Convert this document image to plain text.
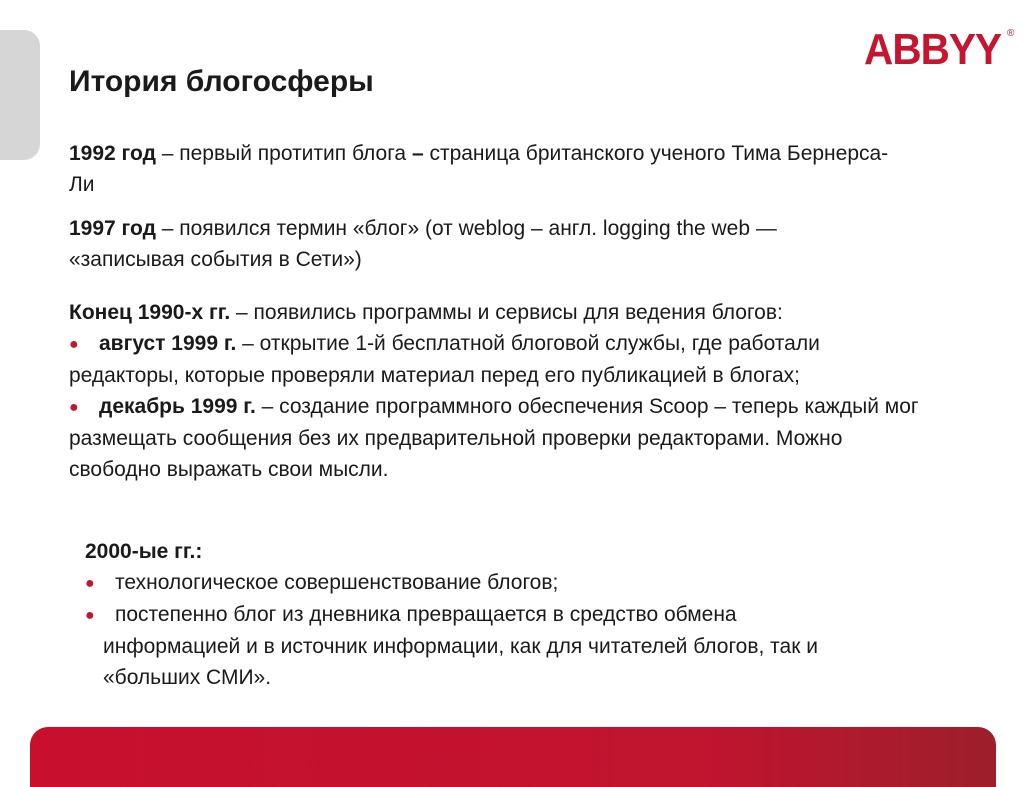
ABBYY ®
Итория блогосферы

1992 год – первый протитип блога – страница британского ученого Тима Бернерса-Ли

1997 год – появился термин «блог» (от weblog – англ. logging the web — «записывая события в Сети»)

Конец 1990-х гг. – появились программы и сервисы для ведения блогов:

● август 1999 г. – открытие 1-й бесплатной блоговой службы, где работали редакторы, которые проверяли материал перед его публикацией в блогах;

● декабрь 1999 г. – создание программного обеспечения Scoop – теперь каждый мог размещать сообщения без их предварительной проверки редакторами. Можно свободно выражать свои мысли.

2000-ые гг.:

● технологическое совершенствование блогов;

● постепенно блог из дневника превращается в средство обмена

информацией и в источник информации, как для читателей блогов, так и

«больших СМИ».
